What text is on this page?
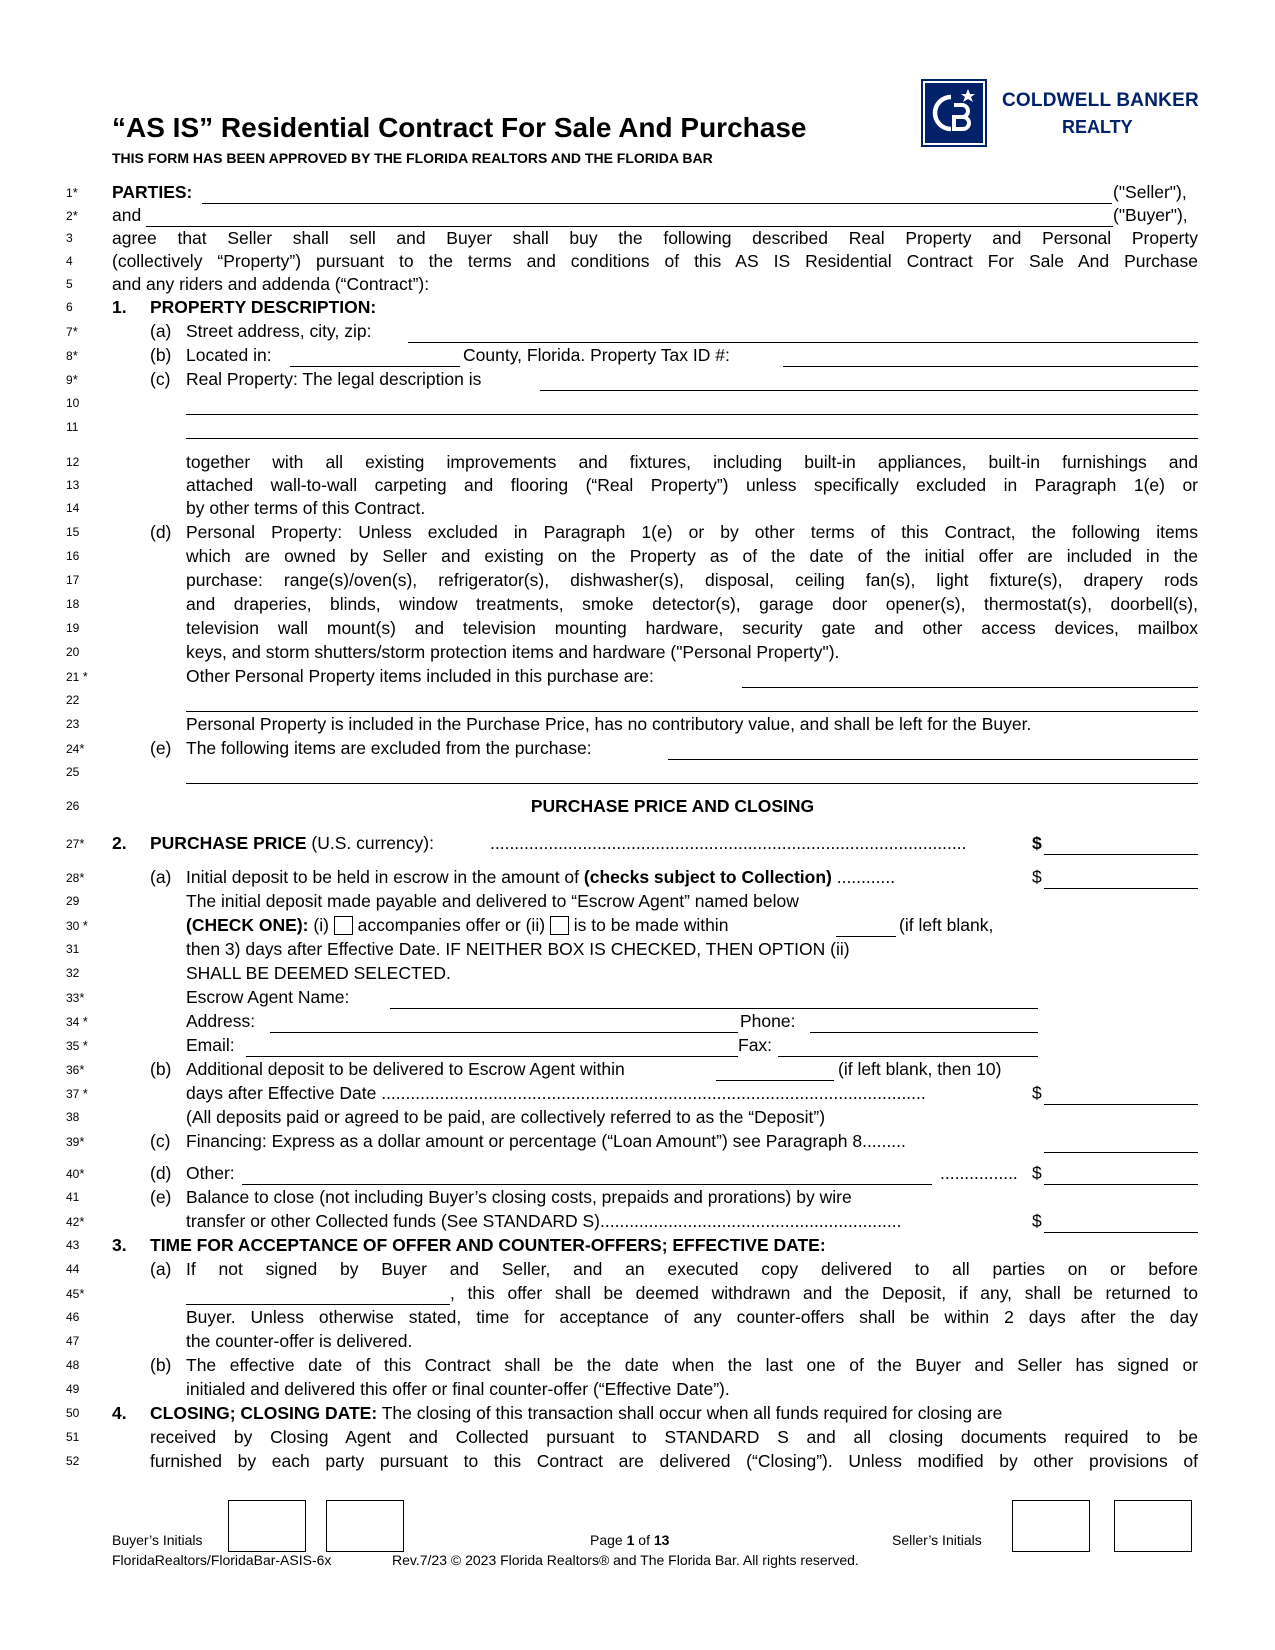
“AS IS” Residential Contract For Sale And Purchase
THIS FORM HAS BEEN APPROVED BY THE FLORIDA REALTORS AND THE FLORIDA BAR
COLDWELL BANKER
REALTY
1*	PARTIES:	("Seller"),
2*	and	("Buyer"),
3	agree that Seller shall sell and Buyer shall buy the following described Real Property and Personal Property
4	(collectively “Property”) pursuant to the terms and conditions of this AS IS Residential Contract For Sale And Purchase
5	and any riders and addenda (“Contract”):
6	1. PROPERTY DESCRIPTION:
7*	(a) Street address, city, zip:
8*	(b) Located in:	County, Florida. Property Tax ID #:
9*	(c) Real Property: The legal description is
10
11
12	together with all existing improvements and fixtures, including built-in appliances, built-in furnishings and
13	attached wall-to-wall carpeting and flooring (“Real Property”) unless specifically excluded in Paragraph 1(e) or
14	by other terms of this Contract.
15	(d) Personal Property: Unless excluded in Paragraph 1(e) or by other terms of this Contract, the following items
16	which are owned by Seller and existing on the Property as of the date of the initial offer are included in the
17	purchase: range(s)/oven(s), refrigerator(s), dishwasher(s), disposal, ceiling fan(s), light fixture(s), drapery rods
18	and draperies, blinds, window treatments, smoke detector(s), garage door opener(s), thermostat(s), doorbell(s),
19	television wall mount(s) and television mounting hardware, security gate and other access devices, mailbox
20	keys, and storm shutters/storm protection items and hardware ("Personal Property").
21 *	Other Personal Property items included in this purchase are:
22
23	Personal Property is included in the Purchase Price, has no contributory value, and shall be left for the Buyer.
24*	(e) The following items are excluded from the purchase:
25
26	PURCHASE PRICE AND CLOSING
27*	2. PURCHASE PRICE (U.S. currency):	..................................................................................................	$
28*	(a) Initial deposit to be held in escrow in the amount of (checks subject to Collection) ............	$
29	The initial deposit made payable and delivered to “Escrow Agent” named below
30 *	(CHECK ONE): (i)  accompanies offer or (ii)  is to be made within	(if left blank,
31	then 3) days after Effective Date. IF NEITHER BOX IS CHECKED, THEN OPTION (ii)
32	SHALL BE DEEMED SELECTED.
33*	Escrow Agent Name:
34 *	Address:	Phone:
35 *	Email:	Fax:
36*	(b) Additional deposit to be delivered to Escrow Agent within	(if left blank, then 10)
37 *	days after Effective Date ................................................................................................................	$
38	(All deposits paid or agreed to be paid, are collectively referred to as the “Deposit”)
39*	(c) Financing: Express as a dollar amount or percentage (“Loan Amount”) see Paragraph 8.........
40*	(d) Other:	................ $
41	(e) Balance to close (not including Buyer’s closing costs, prepaids and prorations) by wire
42*	transfer or other Collected funds (See STANDARD S)..............................................................	$
43	3. TIME FOR ACCEPTANCE OF OFFER AND COUNTER-OFFERS; EFFECTIVE DATE:
44	(a) If not signed by Buyer and Seller, and an executed copy delivered to all parties on or before
45*	, this offer shall be deemed withdrawn and the Deposit, if any, shall be returned to
46	Buyer. Unless otherwise stated, time for acceptance of any counter-offers shall be within 2 days after the day
47	the counter-offer is delivered.
48	(b) The effective date of this Contract shall be the date when the last one of the Buyer and Seller has signed or
49	initialed and delivered this offer or final counter-offer (“Effective Date”).
50	4. CLOSING; CLOSING DATE: The closing of this transaction shall occur when all funds required for closing are
51	received by Closing Agent and Collected pursuant to STANDARD S and all closing documents required to be
52	furnished by each party pursuant to this Contract are delivered (“Closing”). Unless modified by other provisions of
Buyer’s Initials	Page 1 of 13	Seller’s Initials
FloridaRealtors/FloridaBar-ASIS-6x	Rev.7/23 © 2023 Florida Realtors® and The Florida Bar. All rights reserved.
